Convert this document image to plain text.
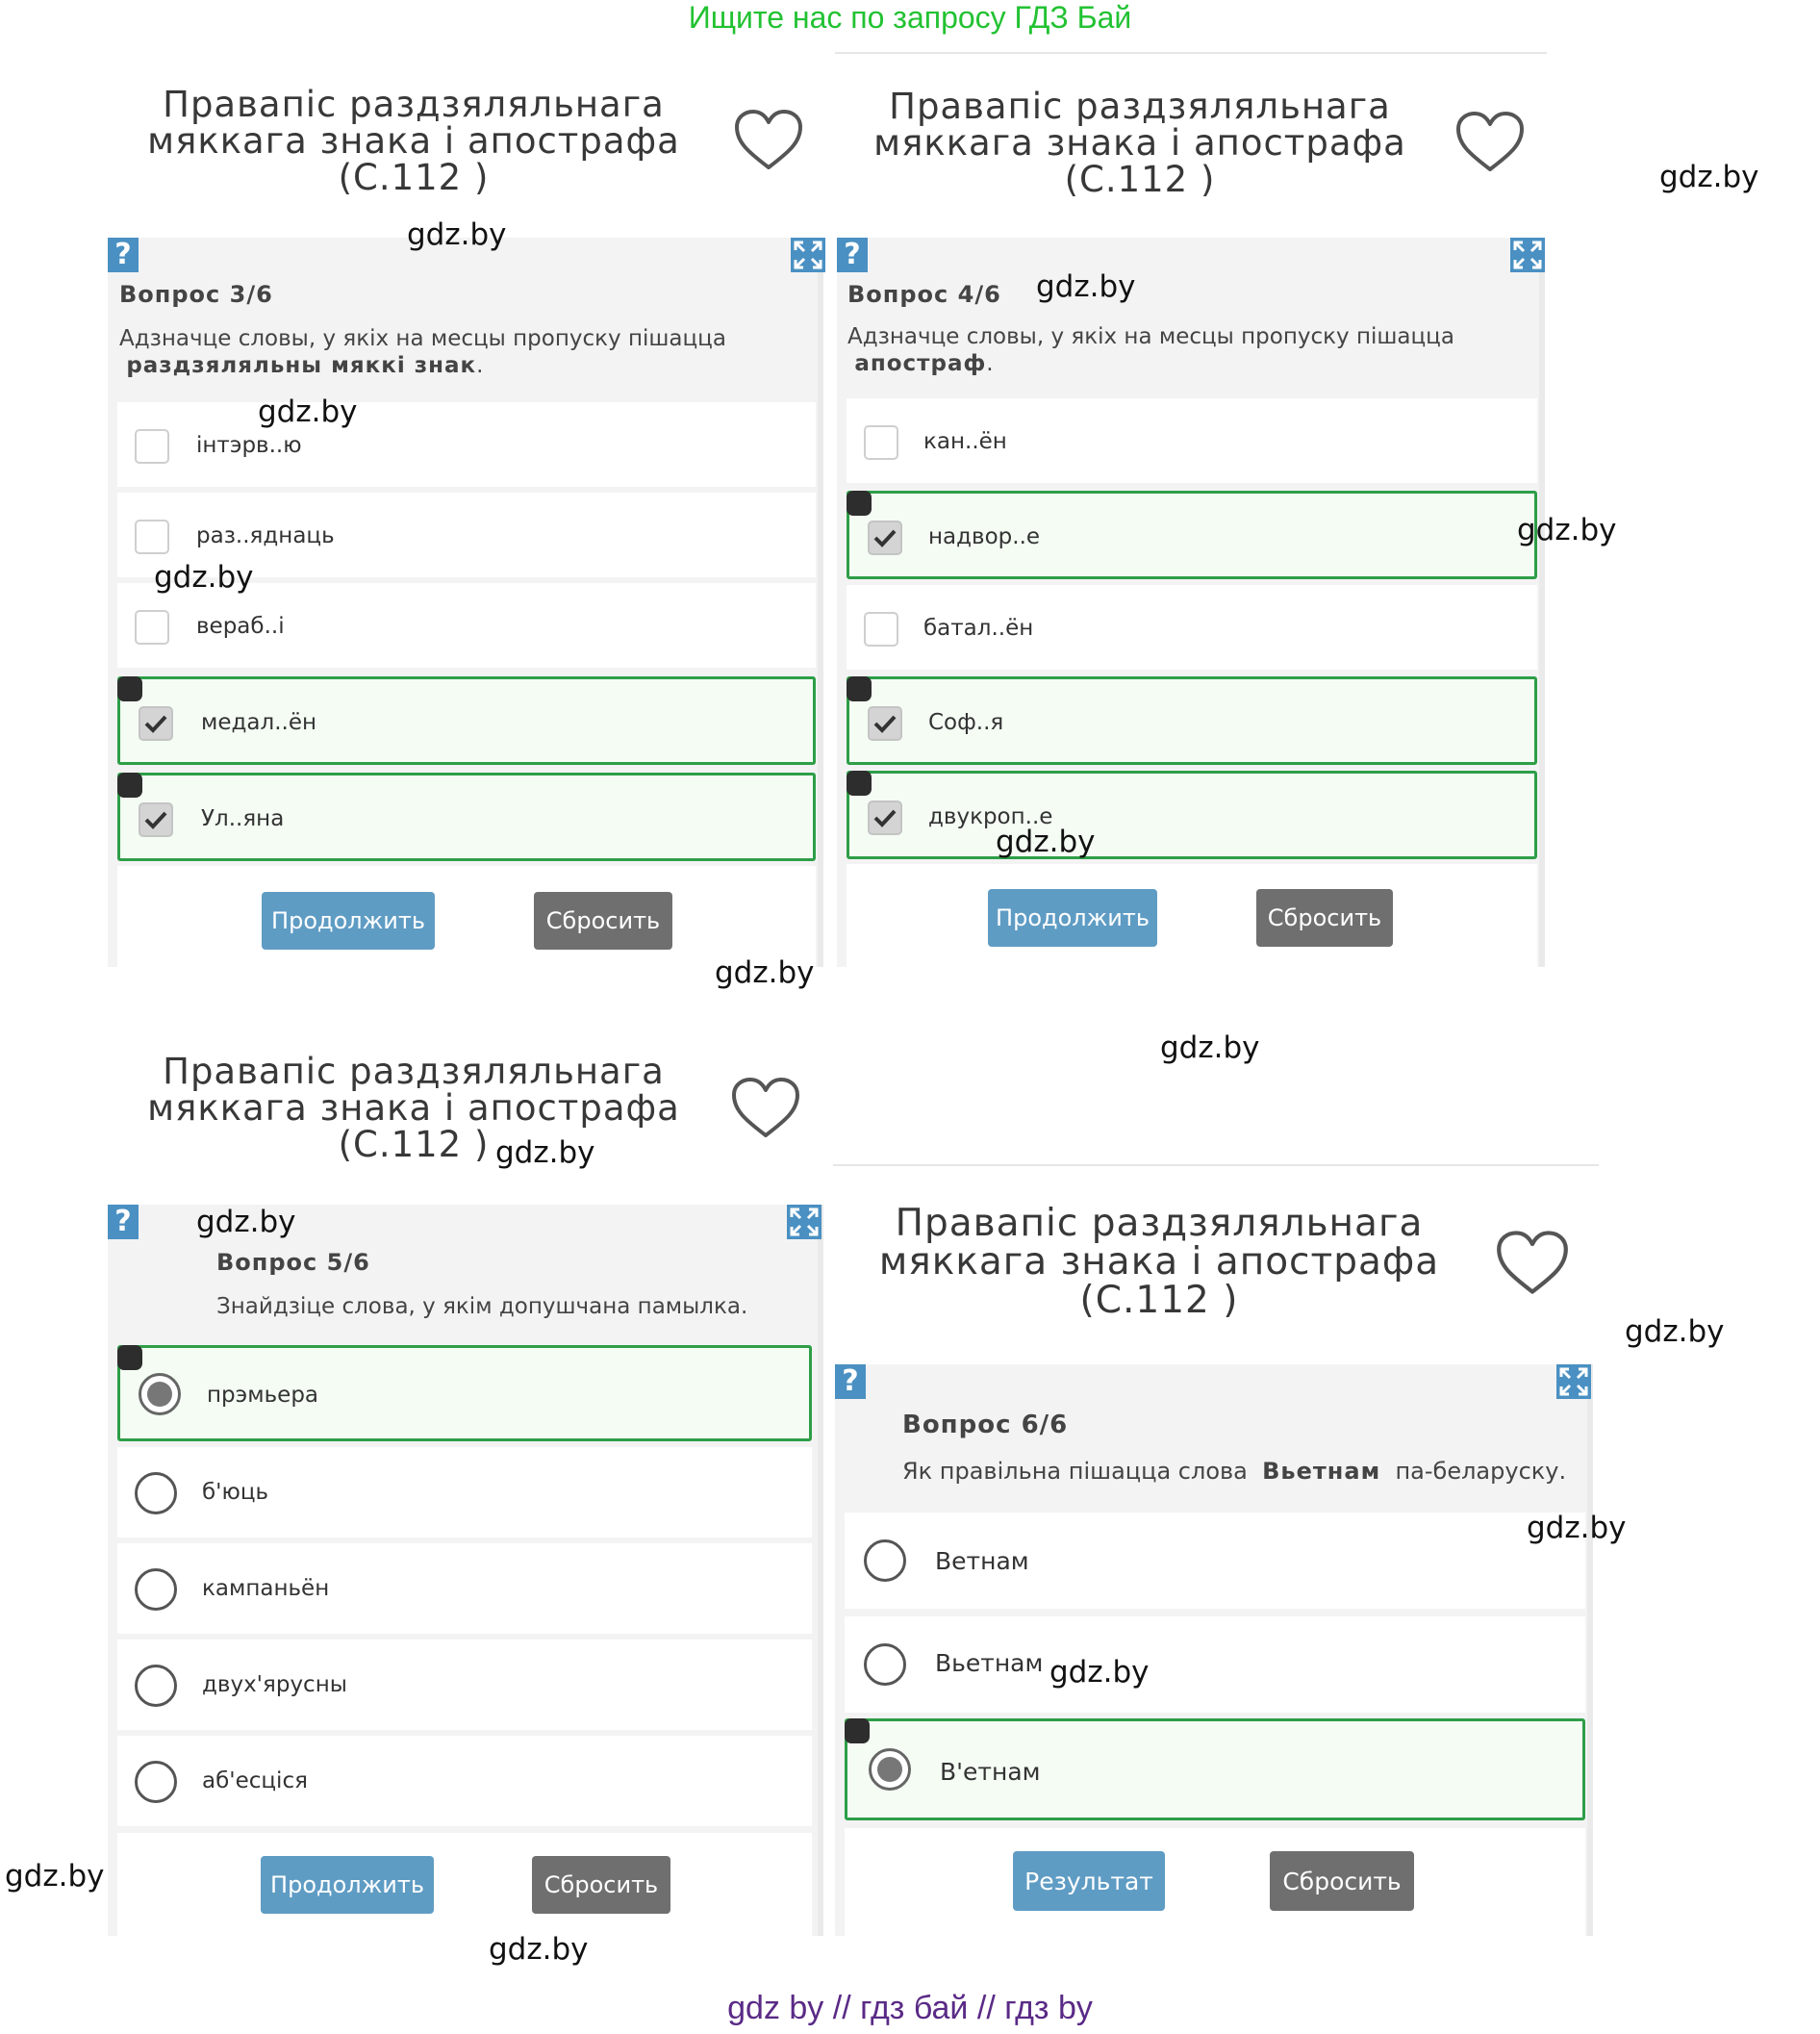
Ищите нас по запросу ГДЗ Бай
Правапіс раздзяляльнага
мяккага знака і апострафа
(С.112 )
?
Вопрос 3/6
Адзначце словы, у якіх на месцы пропуску пішацца
раздзяляльны мяккі знак.
інтэрв..ю
раз..яднаць
вераб..і
медал..ён
Ул..яна
Продолжить	Сбросить
Правапіс раздзяляльнага
мяккага знака і апострафа
(С.112 )
?
Вопрос 4/6
Адзначце словы, у якіх на месцы пропуску пішацца
апостраф.
кан..ён
надвор..е
батал..ён
Соф..я
двукроп..е
Продолжить	Сбросить
Правапіс раздзяляльнага
мяккага знака і апострафа
(С.112 )
?
Вопрос 5/6
Знайдзіце слова, у якім допушчана памылка.
прэмьера
б'юць
кампаньён
двух'ярусны
аб'есціся
Продолжить	Сбросить
Правапіс раздзяляльнага
мяккага знака і апострафа
(С.112 )
?
Вопрос 6/6
Як правільна пішацца слова Вьетнам па-беларуску.
Ветнам
Вьетнам
В'етнам
Результат	Сбросить
gdz.by
gdz.by
gdz.by
gdz.by
gdz.by
gdz.by
gdz.by
gdz.by
gdz.by
gdz.by
gdz.by
gdz.by
gdz.by
gdz.by
gdz.by
gdz.by
gdz by // гдз бай // гдз by
